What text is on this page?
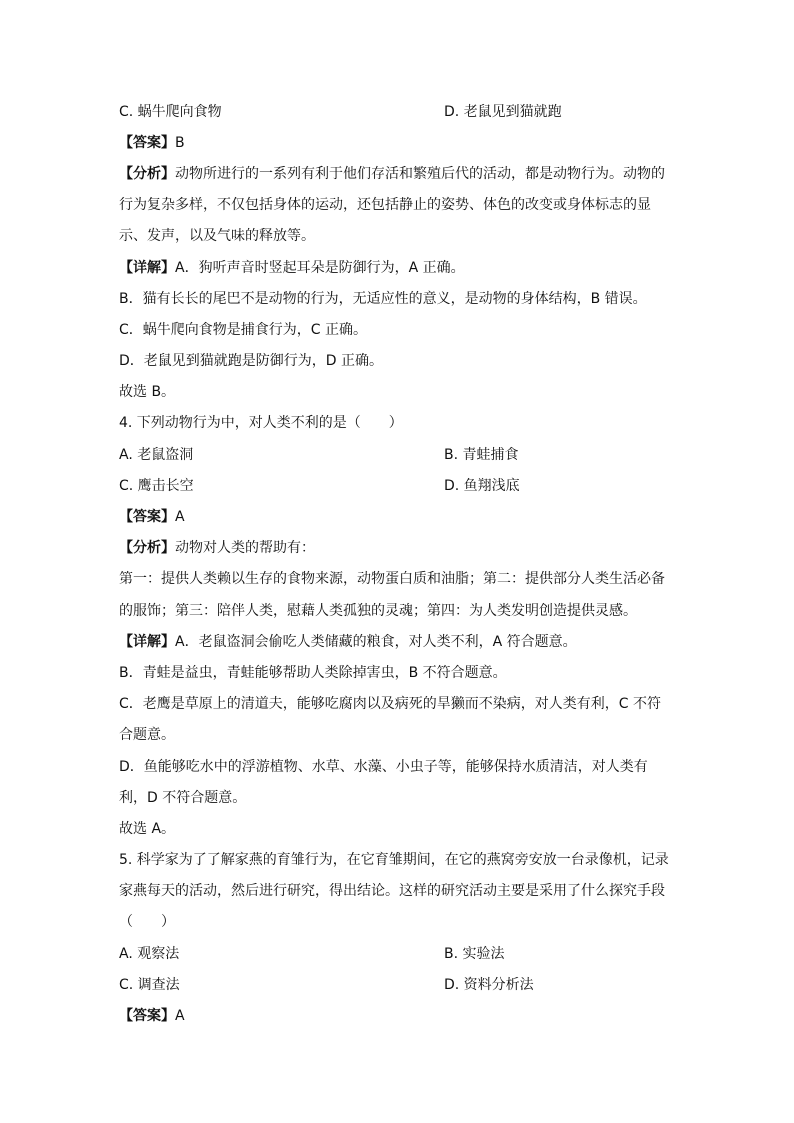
C. 蜗牛爬向食物	D. 老鼠见到猫就跑
【答案】B
【分析】动物所进行的一系列有利于他们存活和繁殖后代的活动，都是动物行为。动物的
行为复杂多样，不仅包括身体的运动，还包括静止的姿势、体色的改变或身体标志的显
示、发声，以及气味的释放等。
【详解】A．狗听声音时竖起耳朵是防御行为，A 正确。
B．猫有长长的尾巴不是动物的行为，无适应性的意义，是动物的身体结构，B 错误。
C．蜗牛爬向食物是捕食行为，C 正确。
D．老鼠见到猫就跑是防御行为，D 正确。
故选 B。
4. 下列动物行为中，对人类不利的是（　　）
A. 老鼠盗洞	B. 青蛙捕食
C. 鹰击长空	D. 鱼翔浅底
【答案】A
【分析】动物对人类的帮助有：
第一：提供人类赖以生存的食物来源，动物蛋白质和油脂；第二：提供部分人类生活必备
的服饰；第三：陪伴人类，慰藉人类孤独的灵魂；第四：为人类发明创造提供灵感。
【详解】A．老鼠盗洞会偷吃人类储藏的粮食，对人类不利，A 符合题意。
B．青蛙是益虫，青蛙能够帮助人类除掉害虫，B 不符合题意。
C．老鹰是草原上的清道夫，能够吃腐肉以及病死的旱獭而不染病，对人类有利，C 不符
合题意。
D．鱼能够吃水中的浮游植物、水草、水藻、小虫子等，能够保持水质清洁，对人类有
利，D 不符合题意。
故选 A。
5. 科学家为了了解家燕的育雏行为，在它育雏期间，在它的燕窝旁安放一台录像机，记录
家燕每天的活动，然后进行研究，得出结论。这样的研究活动主要是采用了什么探究手段
（　　）
A. 观察法	B. 实验法
C. 调查法	D. 资料分析法
【答案】A
